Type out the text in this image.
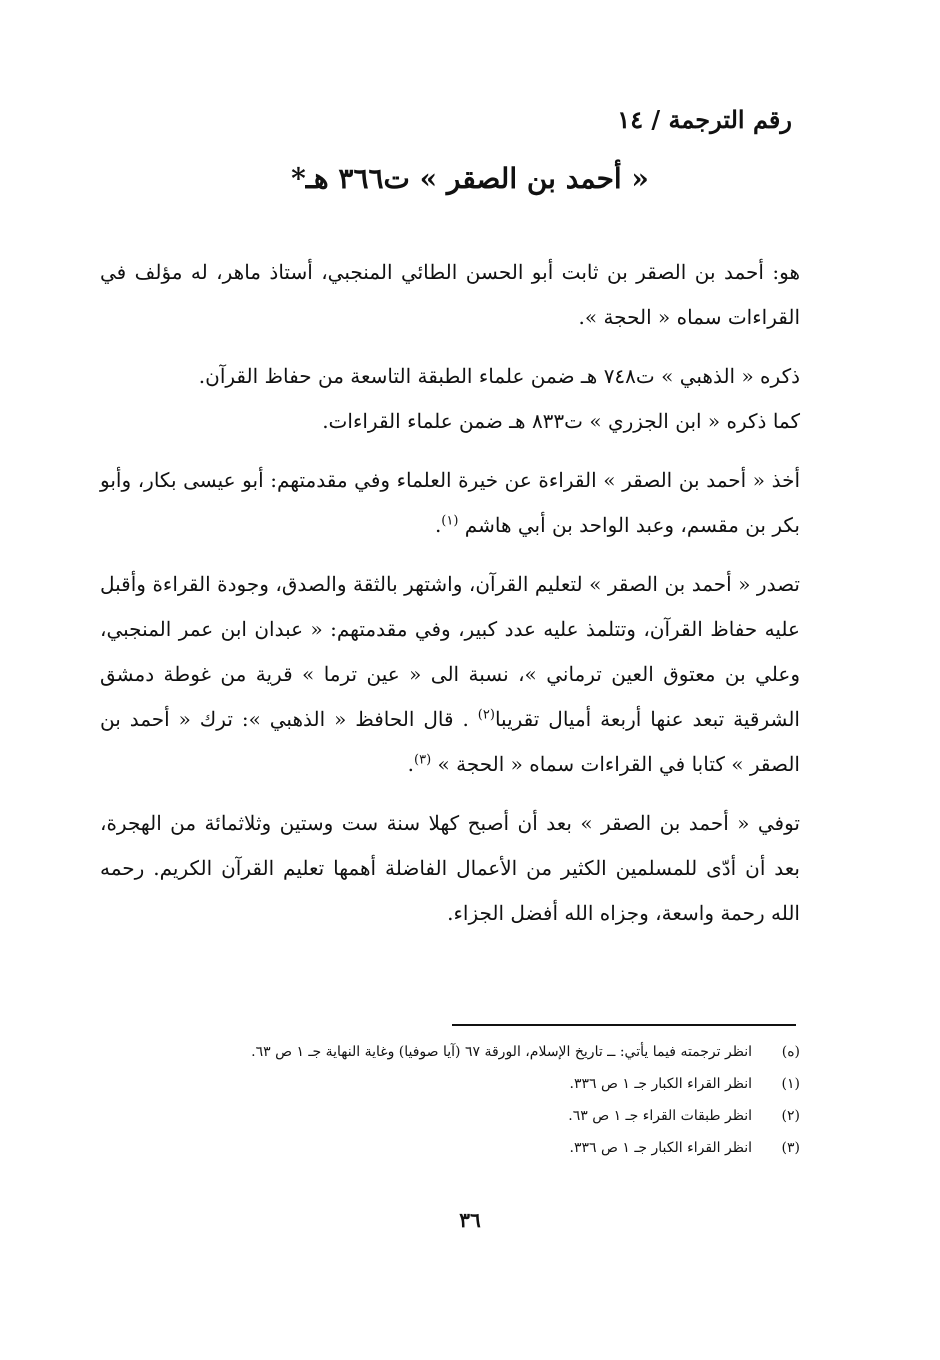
رقم الترجمة / ١٤
« أحمد بن الصقر » ت٣٦٦ هـ*

هو: أحمد بن الصقر بن ثابت أبو الحسن الطائي المنجبي، أستاذ ماهر، له مؤلف في القراءات سماه « الحجة ».

ذكره « الذهبي » ت٧٤٨ هـ ضمن علماء الطبقة التاسعة من حفاظ القرآن.

كما ذكره « ابن الجزري » ت٨٣٣ هـ ضمن علماء القراءات.

أخذ « أحمد بن الصقر » القراءة عن خيرة العلماء وفي مقدمتهم: أبو عيسى بكار، وأبو بكر بن مقسم، وعبد الواحد بن أبي هاشم $^{(١)}$.

تصدر « أحمد بن الصقر » لتعليم القرآن، واشتهر بالثقة والصدق، وجودة القراءة وأقبل عليه حفاظ القرآن، وتتلمذ عليه عدد كبير، وفي مقدمتهم: « عبدان ابن عمر المنجبي، وعلي بن معتوق العين ترماني »، نسبة الى « عين ترما » قرية من غوطة دمشق الشرقية تبعد عنها أربعة أميال تقريبا$^{(٢)}$ . قال الحافظ « الذهبي »: ترك « أحمد بن الصقر » كتابا في القراءات سماه « الحجة » $^{(٣)}$.

توفي « أحمد بن الصقر » بعد أن أصبح كهلا سنة ست وستين وثلاثمائة من الهجرة، بعد أن أدّى للمسلمين الكثير من الأعمال الفاضلة أهمها تعليم القرآن الكريم. رحمه الله رحمة واسعة، وجزاه الله أفضل الجزاء.

(ه)
انظر ترجمته فيما يأتي: ــ تاريخ الإسلام، الورقة ٦٧ (آيا صوفيا) وغاية النهاية جـ ١ ص ٦٣.
(١)
انظر القراء الكبار جـ ١ ص ٣٣٦.
(٢)
انظر طبقات القراء جـ ١ ص ٦٣.
(٣)
انظر القراء الكبار جـ ١ ص ٣٣٦.
٣٦
